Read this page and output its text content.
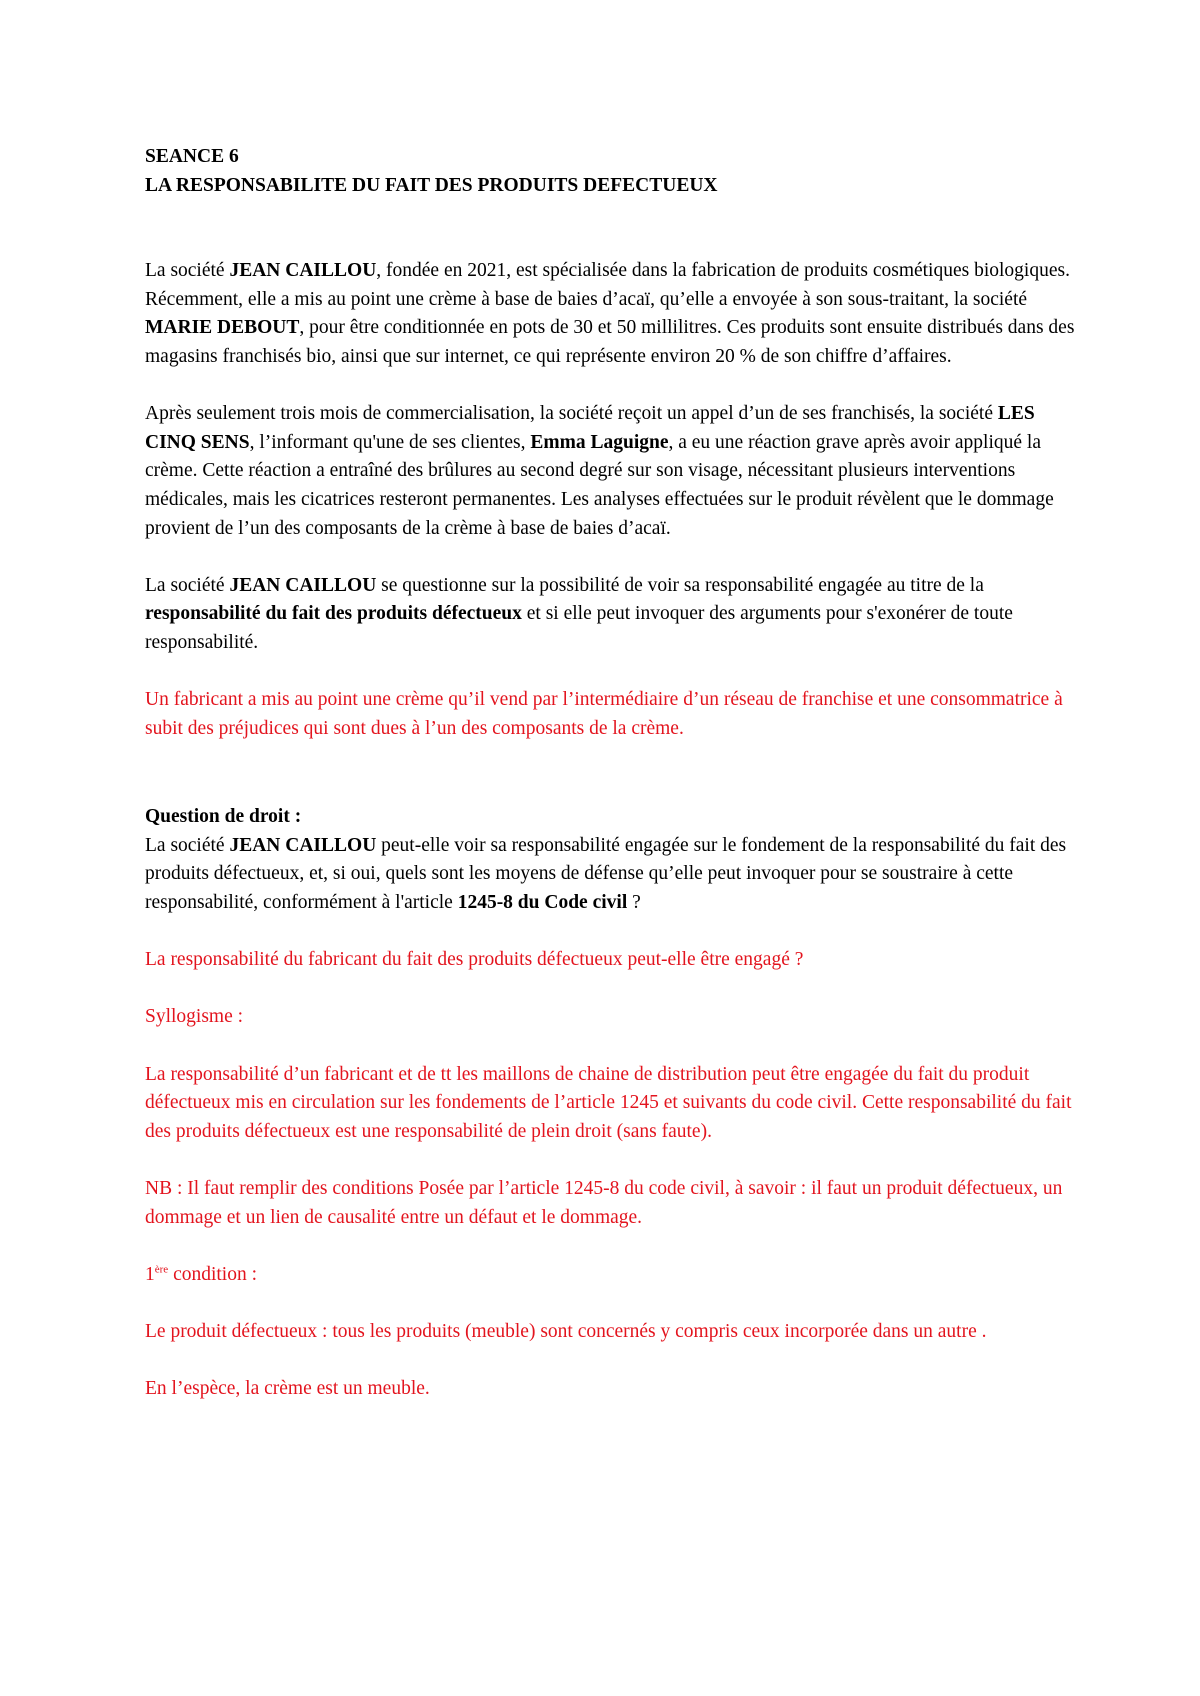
SEANCE 6

LA RESPONSABILITE DU FAIT DES PRODUITS DEFECTUEUX

La société JEAN CAILLOU, fondée en 2021, est spécialisée dans la fabrication de produits cosmétiques biologiques. Récemment, elle a mis au point une crème à base de baies d’acaï, qu’elle a envoyée à son sous-traitant, la société MARIE DEBOUT, pour être conditionnée en pots de 30 et 50 millilitres. Ces produits sont ensuite distribués dans des magasins franchisés bio, ainsi que sur internet, ce qui représente environ 20 % de son chiffre d’affaires.

Après seulement trois mois de commercialisation, la société reçoit un appel d’un de ses franchisés, la société LES CINQ SENS, l’informant qu'une de ses clientes, Emma Laguigne, a eu une réaction grave après avoir appliqué la crème. Cette réaction a entraîné des brûlures au second degré sur son visage, nécessitant plusieurs interventions médicales, mais les cicatrices resteront permanentes. Les analyses effectuées sur le produit révèlent que le dommage provient de l’un des composants de la crème à base de baies d’acaï.

La société JEAN CAILLOU se questionne sur la possibilité de voir sa responsabilité engagée au titre de la responsabilité du fait des produits défectueux et si elle peut invoquer des arguments pour s'exonérer de toute responsabilité.

Un fabricant a mis au point une crème qu’il vend par l’intermédiaire d’un réseau de franchise et une consommatrice à subit des préjudices qui sont dues à l’un des composants de la crème.

Question de droit :

La société JEAN CAILLOU peut-elle voir sa responsabilité engagée sur le fondement de la responsabilité du fait des produits défectueux, et, si oui, quels sont les moyens de défense qu’elle peut invoquer pour se soustraire à cette responsabilité, conformément à l'article 1245-8 du Code civil ?

La responsabilité du fabricant du fait des produits défectueux peut-elle être engagé ?

Syllogisme :

La responsabilité d’un fabricant et de tt les maillons de chaine de distribution peut être engagée du fait du produit défectueux mis en circulation sur les fondements de l’article 1245 et suivants du code civil. Cette responsabilité du fait des produits défectueux est une responsabilité de plein droit (sans faute).

NB : Il faut remplir des conditions Posée par l’article 1245-8 du code civil, à savoir : il faut un produit défectueux, un dommage et un lien de causalité entre un défaut et le dommage.

1ère condition :

Le produit défectueux : tous les produits (meuble) sont concernés y compris ceux incorporée dans un autre .

En l’espèce, la crème est un meuble.
